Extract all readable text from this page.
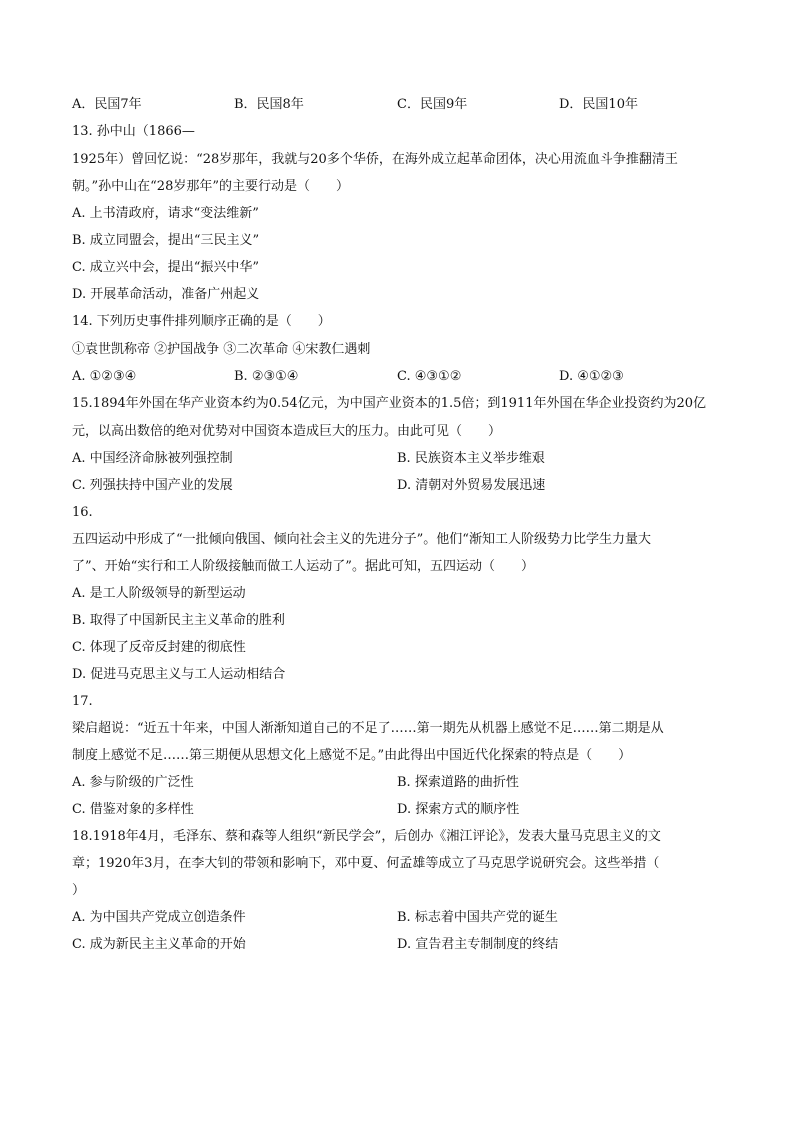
A．民国7年	B．民国8年	C．民国9年	D．民国10年
13. 孙中山（1866—
1925年）曾回忆说：“28岁那年，我就与20多个华侨，在海外成立起革命团体，决心用流血斗争推翻清王
朝。”孙中山在“28岁那年”的主要行动是（　　）
A. 上书清政府，请求“变法维新”
B. 成立同盟会，提出“三民主义”
C. 成立兴中会，提出“振兴中华”
D. 开展革命活动，准备广州起义
14. 下列历史事件排列顺序正确的是（　　）
①袁世凯称帝 ②护国战争 ③二次革命 ④宋教仁遇刺
A. ①②③④	B. ②③①④	C. ④③①②	D. ④①②③
15.1894年外国在华产业资本约为0.54亿元，为中国产业资本的1.5倍；到1911年外国在华企业投资约为20亿
元，以高出数倍的绝对优势对中国资本造成巨大的压力。由此可见（　　）
A. 中国经济命脉被列强控制	B. 民族资本主义举步维艰
C. 列强扶持中国产业的发展	D. 清朝对外贸易发展迅速
16.
五四运动中形成了“一批倾向俄国、倾向社会主义的先进分子”。他们“渐知工人阶级势力比学生力量大
了”、开始“实行和工人阶级接触而做工人运动了”。据此可知，五四运动（　　）
A. 是工人阶级领导的新型运动
B. 取得了中国新民主主义革命的胜利
C. 体现了反帝反封建的彻底性
D. 促进马克思主义与工人运动相结合
17.
梁启超说：“近五十年来，中国人渐渐知道自己的不足了……第一期先从机器上感觉不足……第二期是从
制度上感觉不足……第三期便从思想文化上感觉不足。”由此得出中国近代化探索的特点是（　　）
A. 参与阶级的广泛性	B. 探索道路的曲折性
C. 借鉴对象的多样性	D. 探索方式的顺序性
18.1918年4月，毛泽东、蔡和森等人组织“新民学会”，后创办《湘江评论》，发表大量马克思主义的文
章；1920年3月，在李大钊的带领和影响下，邓中夏、何孟雄等成立了马克思学说研究会。这些举措（
）
A. 为中国共产党成立创造条件	B. 标志着中国共产党的诞生
C. 成为新民主主义革命的开始	D. 宣告君主专制制度的终结
